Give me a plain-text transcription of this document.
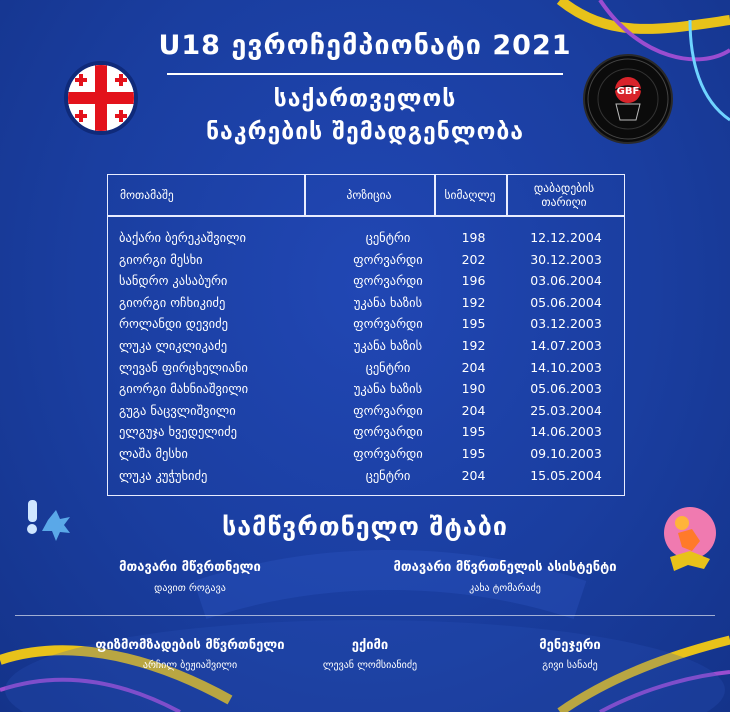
U18 ევროჩემპიონატი 2021
საქართველოს
ნაკრების შემადგენლობა
GBF
მოთამაშე	პოზიცია	სიმაღლე	დაბადების თარიღი
ბაქარი ბერეკაშვილი	ცენტრი	198	12.12.2004
გიორგი მესხი	ფორვარდი	202	30.12.2003
სანდრო კასაბური	ფორვარდი	196	03.06.2004
გიორგი ოჩხიკიძე	უკანა ხაზის	192	05.06.2004
როლანდი დევიძე	ფორვარდი	195	03.12.2003
ლუკა ლიკლიკაძე	უკანა ხაზის	192	14.07.2003
ლევან ფირცხელიანი	ცენტრი	204	14.10.2003
გიორგი მახნიაშვილი	უკანა ხაზის	190	05.06.2003
გუგა ნაცვლიშვილი	ფორვარდი	204	25.03.2004
ელგუჯა ხვედელიძე	ფორვარდი	195	14.06.2003
ლაშა მესხი	ფორვარდი	195	09.10.2003
ლუკა კუჭუხიძე	ცენტრი	204	15.05.2004
სამწვრთნელო შტაბი
მთავარი მწვრთნელი
დავით როგავა
მთავარი მწვრთნელის ასისტენტი
კახა ტომარაძე
ფიზმომზადების მწვრთნელი
არჩილ ბეჟიაშვილი
ექიმი
ლევან ლომსიანიძე
მენეჯერი
გივი სანაძე
